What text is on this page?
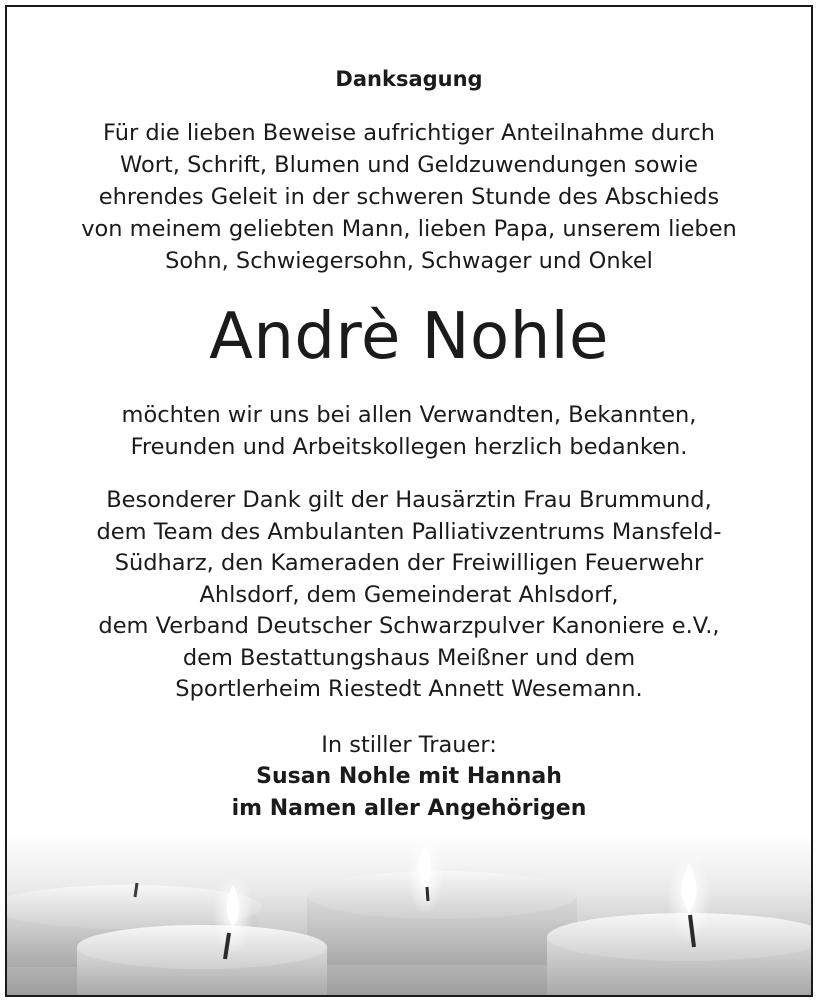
Danksagung
Für die lieben Beweise aufrichtiger Anteilnahme durch
Wort, Schrift, Blumen und Geldzuwendungen sowie
ehrendes Geleit in der schweren Stunde des Abschieds
von meinem geliebten Mann, lieben Papa, unserem lieben
Sohn, Schwiegersohn, Schwager und Onkel
Andrè Nohle
möchten wir uns bei allen Verwandten, Bekannten,
Freunden und Arbeitskollegen herzlich bedanken.
Besonderer Dank gilt der Hausärztin Frau Brummund,
dem Team des Ambulanten Palliativzentrums Mansfeld-
Südharz, den Kameraden der Freiwilligen Feuerwehr
Ahlsdorf, dem Gemeinderat Ahlsdorf,
dem Verband Deutscher Schwarzpulver Kanoniere e.V.,
dem Bestattungshaus Meißner und dem
Sportlerheim Riestedt Annett Wesemann.
In stiller Trauer:
Susan Nohle mit Hannah
im Namen aller Angehörigen
